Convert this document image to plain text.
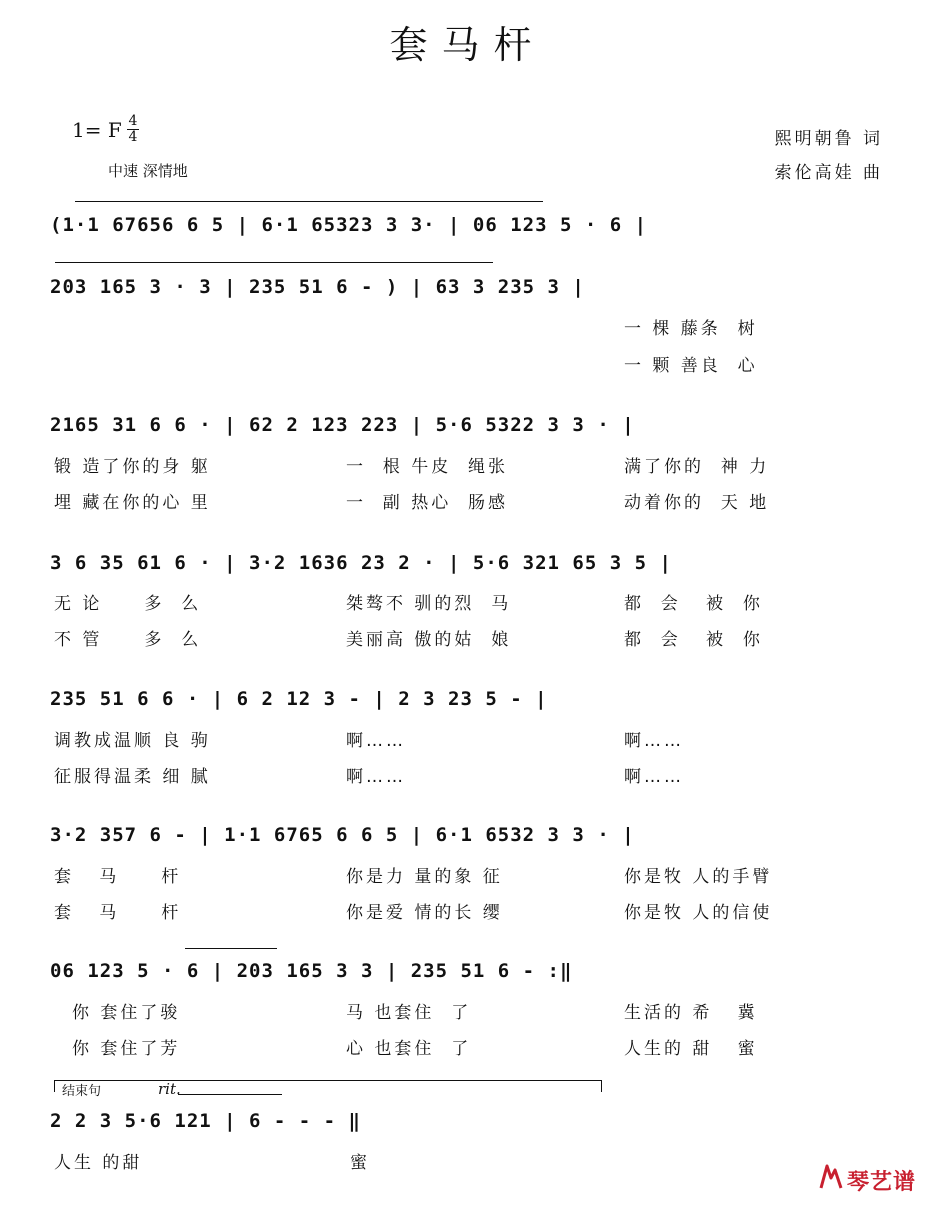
套马杆
1= F 4
4
中速 深情地
熙明朝鲁 词
索伦高娃 曲
(1·1 67656 6 5 | 6·1 65323 3 3· | 06 123 5 · 6 |
203 165 3 · 3 | 235 51 6 - ) | 63 3 235 3 |
一 棵 藤条  树
一 颗 善良  心
2165 31 6 6 · | 62 2 123 223 | 5·6 5322 3 3 · |
锻 造了你的身 躯	一  根 牛皮  绳张	满了你的  神 力
埋 藏在你的心 里	一  副 热心  肠感	动着你的  天 地
3 6 35 61 6 · | 3·2 1636 23 2 · | 5·6 321 65 3 5 |
无 论     多  么	桀骜不 驯的烈  马	都  会   被  你
不 管     多  么	美丽高 傲的姑  娘	都  会   被  你
235 51 6 6 · | 6 2 12 3 - | 2 3 23 5 - |
调教成温顺 良 驹	啊……	啊……
征服得温柔 细 腻	啊……	啊……
3·2 357 6 - | 1·1 6765 6 6 5 | 6·1 6532 3 3 · |
套   马     杆	你是力 量的象 征	你是牧 人的手臂
套   马     杆	你是爱 情的长 缨	你是牧 人的信使
06 123 5 · 6 | 203 165 3 3 | 235 51 6 - :‖
你 套住了骏	马 也套住  了	生活的 希   冀
你 套住了芳	心 也套住  了	人生的 甜   蜜
结束句	rit.
2 2 3 5·6 121 | 6 - - - ‖
人生 的甜	蜜
琴艺谱
